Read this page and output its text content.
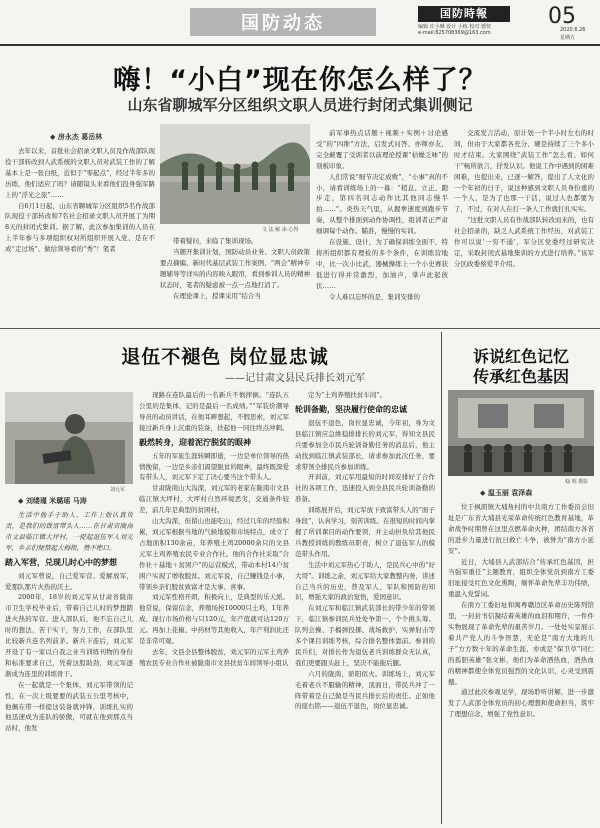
国防动态	国防時報
编辑 许小琳 设计 小栋 校对 德忱
e-mail:825708369@163.com
05
2020.6.26
星期五
嗨！“小白”现在你怎么样了？
山东省聊城军分区组织文职人员进行封闭式集训侧记
◆ 房永杰 葛岳林

去年以来，首批社会招录文职人员及作战部队现役干部转改到人武系统的文职人员对武装工作的了解基本上是一张白纸，近似于“零起点”，经过半年多的历练，他们适应了吗？请随镜头来看他们投身强军路上的“浮光之旅”……

自6月1日起，山东省聊城军分区组织5名作战部队现役干部转改和7名社会招录文职人员开展了为期8天的封闭式集训。据了解，此次参加集训的人员在上半年参与多项组织权对所组织开展入党、是在不成“走过场”、做给领导看的“秀”！笔者

文 法 解 冰·心得

带着疑问，来临了集训现场。

当题开集训计划，国防动员业务、文职人员政策要点摘编、新时代基层武装工作案例、“两会”精神专题辅导等详实的内容映入眼帘，看到参训人员的精神状态时，笔者的疑虑被一点一点地打消了。

在理论课上，授课采用“结合当

前军事热点话题＋视频＋实例＋讨论感受”的“四维”方法，启发式问答、亦师亦友，完全颠覆了受训者以前理论授课“枯燥乏味”的刻板印象。

人们常说“细节决定成败”，“小事”真的不小，请看训练场上的一幕：“稍息、立正、跑步走，第四名同志动作比其他同志慢半拍……”。炎热天气里，从握拳速度到跑步节奏，从整个排面到动作协调性，组训者正严肃细调每个动作。瞄准，慢慢的实训。

在设施、设计，为了确保训练全面不，特将所组织都有理检的多个条件，在训练营地中，比一次小比武，器械操练上一个小史赛获低进行得并常激烈，加油声，掌声此起彼伏……

令人难以忘怀的是，集训安排的

交流发言活动，原计划一个半小时左右的时间，但由于大家都各充分、硬是持续了三个多小时才结束。大家围绕“武装工作”怎么看、如何干“畅所欲言，抒发认识。他说工作中遇到的困难困难，也提出来，已逐一解答，提出了人文化的一个年初的日子，说这种感到文职人员身份重的一个人，是为了也那一干活，说过人也都要为了，不过，在对人在打一条人工作就打扎实实。

“这批文职人员有作战部队转改而来的，也有社会招录的，缺乏人武系统工作经历，对武装工作可以说‘一穷不通’，军分区党委经过研究决定，采取封闭式基地集训的方式进行培养。”该军分区政委蔡爱平介绍。

退伍不褪色 岗位显忠诚
——记甘肃文县民兵排长刘元军
刘元军
◆ 刘缕瑾 米璐瑶 马涛

生活中他手于助人、工作上他认真负责，是我们的致富带头人……在甘肃省陇南市文县临江镇大坪村，一提起退伍军人刘元军，乡亲们便禁起大拇指，赞不绝口。

踏入军营，兑现儿时心中的梦想

刘元军曾说，自己爱军营、爱解放军，爱那队那片火热的沃土。

2000年，18岁的刘元军从甘肃省陇南市卫生学校毕业后，带着自己儿时的梦想踏进火热的军营。进入部队后，他不忘自己儿时的想法，苦干实干，努力工作，在部队里比较新兵连名列前茅。新兵下连后，刘元军开设了有一家以自我之业当训练刊物的身份和标准要求自己，凭着这股助劲，刘元军逐渐成为连里的训练骨干。

在一起就是一个集体，刘元军带领的记性，在一次上级要要的武装五公里考核中，他佩在带一样提这装备就冲锋，训练扎实的他迅速成为连队的骄傲，可就在他到那点当站时，他发

现路在连队最后的一名新兵不慎摔倒。“连队五公里的是集体，记的是最后一名成绩。”“军装价潮导导员的动员讲话，在他耳畔想起，不假思索，刘元军接过新兵身上沉重的装备，扶起他一同往终点冲刺。

毅然转身，迎着泥泞脱贫的眼神

五年的军旅生涯转瞬即逝，一边是单位领导的热情挽留，一边是乡亲们渴望脱贫的眼神，最终既深爱有带头人，刘元军下定了决心要当这个带头人。

甘肃陇南山大沟深，刘元军的老家在陇南市文县临江镇大坪村，大坪村自然环境恶劣，交通条件较差，前几年是典型的贫困村。

山大沟深，但留山也能吃山，经过几年的经验积累，刘元军根据当地的气候地貌和市场特点，成立了占地面积130余亩，年养殖土鸡20000余只的文县元军土鸡养殖农民专业合作社。他的合作社采取“合作社＋基地＋贫困户”的运营模式，带动本村14户贫困户实现了增收脱贫。刘元军说，自己赚钱是小事，带领乡亲们脱贫致富才是大事、喜事。

刘元军性格开朗，积极向上，是典型的乐天派。他常说，保留信念，养殖场按10000只土鸡，1年养成、现行市场价格与只120元，年产值就可达120万元。再加上花椒、中药材等其他收入，年产利润比还是非常可观。

去年，文县全县整体脱贫，刘元军的元军土鸡养殖农民专业合作社被陇南市文县扶贫车间领导小组认

定为“土鸡养殖扶贫车间”。

轮训备勤，坚决履行使命的忠诚

退伍不退色，岗位显忠诚，今年初，身为文县临江镇应急维稳排排长的刘元军，得知文县民兵要参加全市民兵轮训备勤任务的消息后，他主动找到临江镇武装部长，请求参加此次任务，要求带领全排民兵参加训练。

开训前，刘元军用最短的时间安排好了合作社的各项工作，迅速投入到全县民兵轮训备勤的准备。

训练展开后，刘元军放下致富带头人的“面子身段”，认真学习，刻苦训练。在很短的时间内掌握了所训课目的动作要领，并主动担负给其他民兵教授训练的教练员职责，树立了退伍军人的模范带头作用。

生活中刘元军热心于助人，是民兵心中的“好大哥”。训练之余，刘元军给大家教整内务，讲述自己当兵的历史，普及军人、军队和国防的知识，增强大家的政治觉悟，爱国意识。

在刘元军和临江镇武装部长的带少年的带领下，临江镇参训民兵处处争第一、个个挑头筹。队列会操、手榴弹投掷、战场救护、实弹射击等多个课目训练考核，综合排名整体靠前。参训的民兵们，对排长作为退伍老兵训练群众无认真，我们更要跟头赶上，坚决不能拖后腿。

六月的陇南，骄阳似火。训练场上，刘元军毛着老兵不服输的精神，顶面日，带民兵冲了一阵带着是自己做是当民兵排长后的责任。正如他的座右铭——退伍不退色，岗位显忠诚。

诉说红色记忆
传承红色基因
翰 明 摄影
◆ 温玉丽 袁泽森

位于枫朗镇大埔角村的中共南方工作委员会旧址是广东省大埔县光荣革命传统红色教育基地，革命战争时期曾在这里点燃革命火种，团结南方各省的进步力量进行抗日救亡斗争，被誉为“南方小延安”。

近日，大埔县人武部结合“传承红色基因，担当强军重任”主题教育，组织全体党员到南方工委旧址接受红色文化熏陶，缅怀革命先辈丰功伟绩，重温入党誓词。

在南方工委旧址和闽粤赣边区革命历史陈列馆里，一封封书信凝结着英雄的血泪和期许，一件件实物展现了革命先辈的艰苦岁月。一处处实景展示着共产党人的斗争智慧，无论是“南方大地的儿子”方方数十年的革命生涯，亦或是“保卫草”同仁的孤胆英雄”张文彬，他们为革命洒热血，酒热血的精神都使全体党员强烈的文化认识，心灵受到震撼。

通过此次参观见学，现场聆听讲解，进一步激发了人武部全体党员的初心理想和使命担当，筑牢了理想信念，增强了党性意识。
